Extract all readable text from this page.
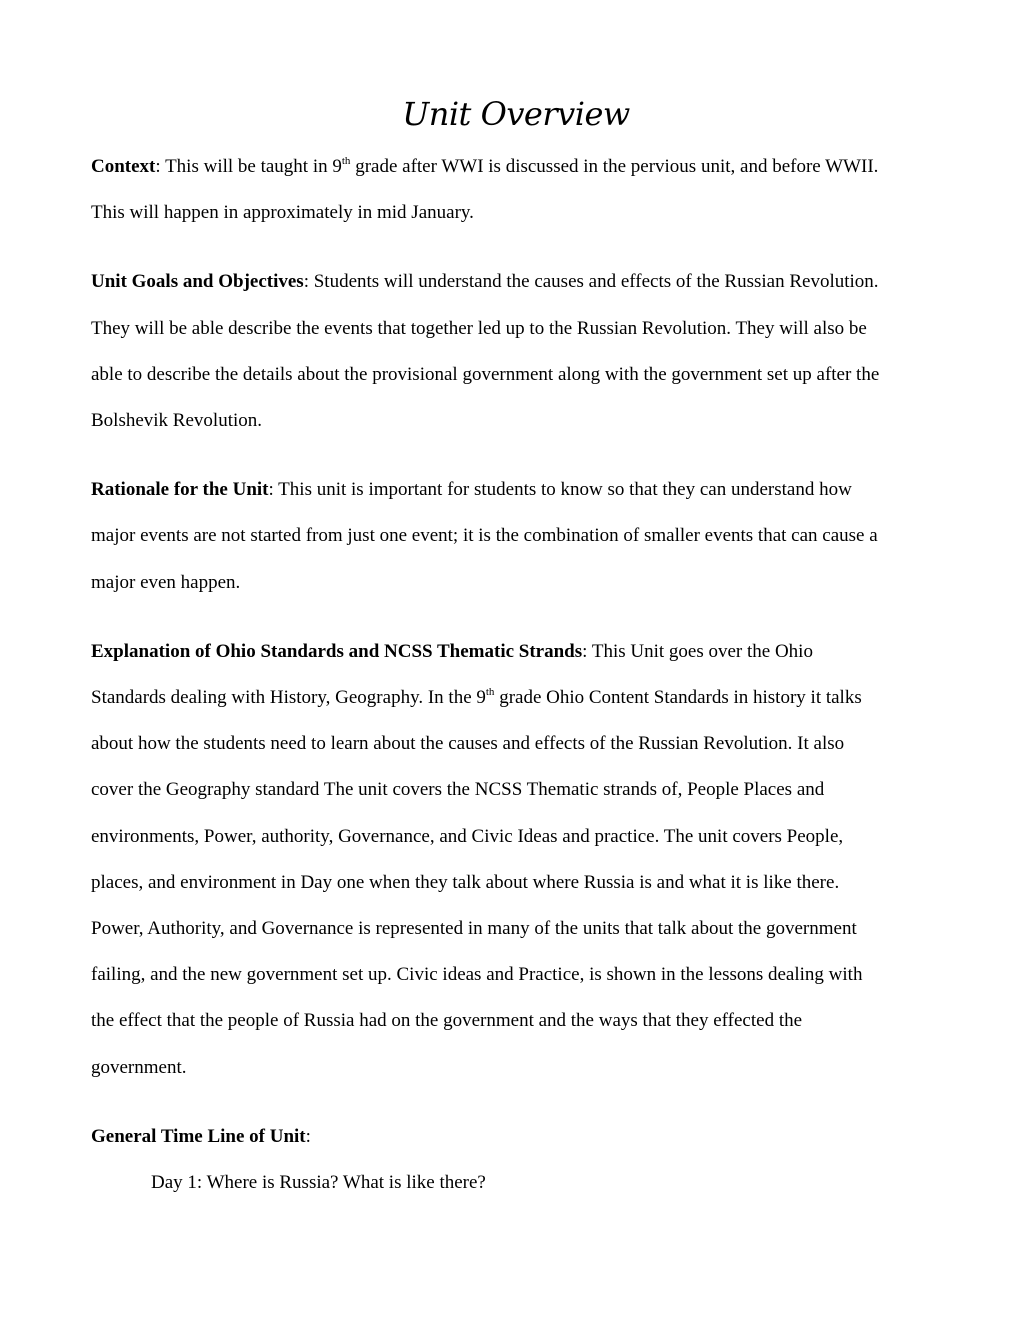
Unit Overview
Context: This will be taught in 9th grade after WWI is discussed in the pervious unit, and before WWII.
This will happen in approximately in mid January.
Unit Goals and Objectives: Students will understand the causes and effects of the Russian Revolution.
They will be able describe the events that together led up to the Russian Revolution. They will also be
able to describe the details about the provisional government along with the government set up after the
Bolshevik Revolution.
Rationale for the Unit: This unit is important for students to know so that they can understand how
major events are not started from just one event; it is the combination of smaller events that can cause a
major even happen.
Explanation of Ohio Standards and NCSS Thematic Strands: This Unit goes over the Ohio
Standards dealing with History, Geography. In the 9th grade Ohio Content Standards in history it talks
about how the students need to learn about the causes and effects of the Russian Revolution. It also
cover the Geography standard The unit covers the NCSS Thematic strands of, People Places and
environments, Power, authority, Governance, and Civic Ideas and practice. The unit covers People,
places, and environment in Day one when they talk about where Russia is and what it is like there.
Power, Authority, and Governance is represented in many of the units that talk about the government
failing, and the new government set up. Civic ideas and Practice, is shown in the lessons dealing with
the effect that the people of Russia had on the government and the ways that they effected the
government.
General Time Line of Unit:
Day 1: Where is Russia? What is like there?
